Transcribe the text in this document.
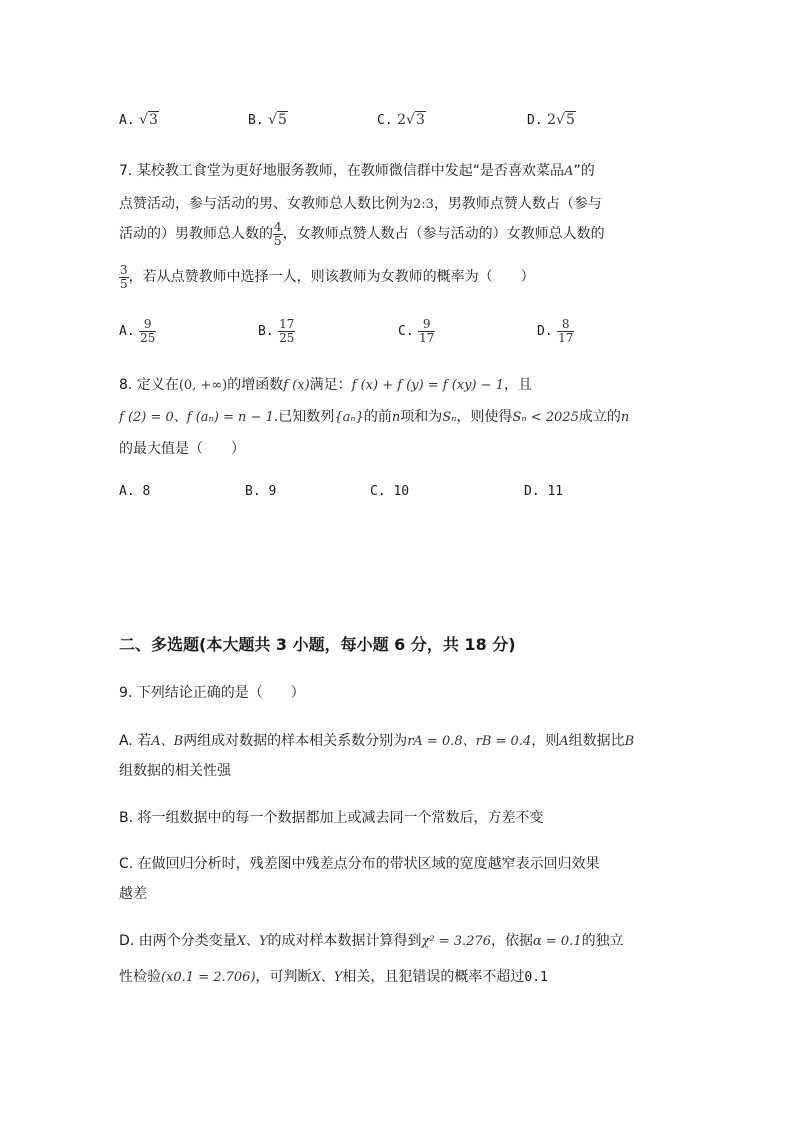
A. √3	B. √5	C. 2√3	D. 2√5
7. 某校教工食堂为更好地服务教师，在教师微信群中发起“是否喜欢菜品A”的
点赞活动，参与活动的男、女教师总人数比例为2:3，男教师点赞人数占（参与
活动的）男教师总人数的 $\frac{4}{5}$ ，女教师点赞人数占（参与活动的）女教师总人数的
$\frac{3}{5}$ ，若从点赞教师中选择一人，则该教师为女教师的概率为（　　）
A. $\frac{9}{25}$	B. $\frac{17}{25}$	C. $\frac{9}{17}$	D. $\frac{8}{17}$
8. 定义在(0, +∞)的增函数f (x)满足：f (x) + f (y) = f (xy) − 1，且
f (2) = 0、f (aₙ) = n − 1.已知数列{aₙ}的前n项和为Sₙ，则使得Sₙ < 2025成立的n
的最大值是（　　）
A. 8	B. 9	C. 10	D. 11
二、多选题(本大题共 3 小题，每小题 6 分，共 18 分)
9. 下列结论正确的是（　　）
A. 若A、B两组成对数据的样本相关系数分别为rA = 0.8、rB = 0.4，则A组数据比B
组数据的相关性强
B. 将一组数据中的每一个数据都加上或减去同一个常数后，方差不变
C. 在做回归分析时，残差图中残差点分布的带状区域的宽度越窄表示回归效果
越差
D. 由两个分类变量X、Y的成对样本数据计算得到χ² = 3.276，依据α = 0.1的独立
性检验(x0.1 = 2.706)，可判断X、Y相关，且犯错误的概率不超过0.1
